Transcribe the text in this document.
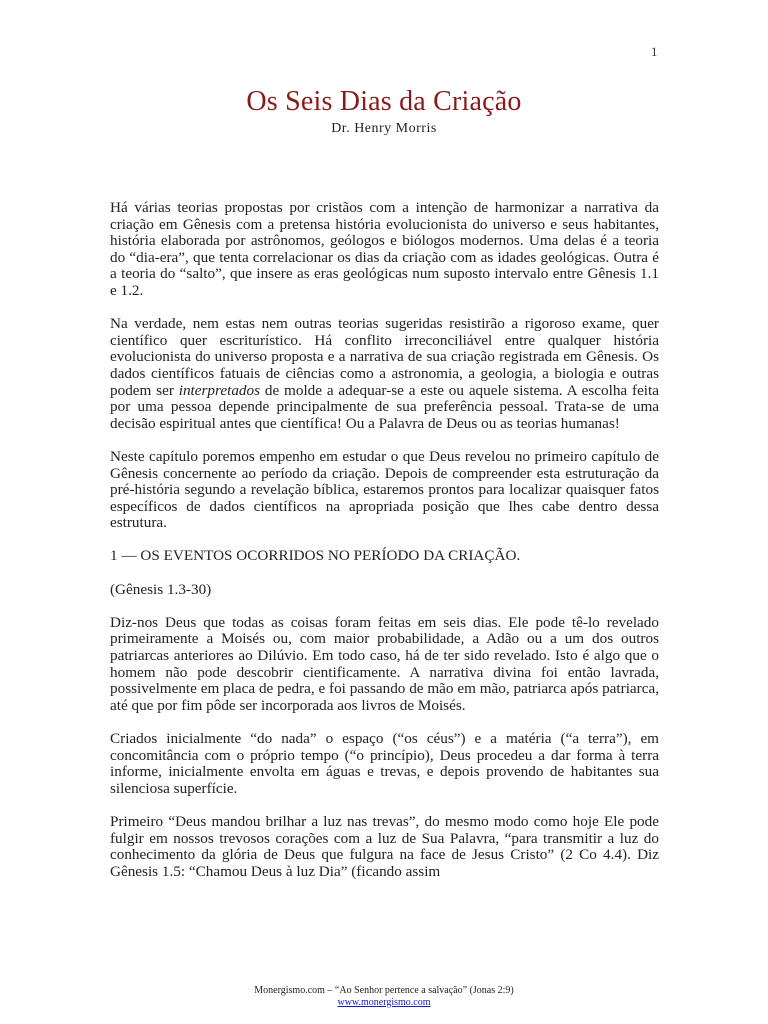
1
Os Seis Dias da Criação
Dr. Henry Morris

Há várias teorias propostas por cristãos com a intenção de harmonizar a narrativa da criação em Gênesis com a pretensa história evolucionista do universo e seus habitantes, história elaborada por astrônomos, geólogos e biólogos modernos. Uma delas é a teoria do “dia-era”, que tenta correlacionar os dias da criação com as idades geológicas. Outra é a teoria do “salto”, que insere as eras geológicas num suposto intervalo entre Gênesis 1.1 e 1.2.

Na verdade, nem estas nem outras teorias sugeridas resistirão a rigoroso exame, quer científico quer escriturístico. Há conflito irreconciliável entre qualquer história evolucionista do universo proposta e a narrativa de sua criação registrada em Gênesis. Os dados científicos fatuais de ciências como a astronomia, a geologia, a biologia e outras podem ser interpretados de molde a adequar-se a este ou aquele sistema. A escolha feita por uma pessoa depende principalmente de sua preferência pessoal. Trata-se de uma decisão espiritual antes que científica! Ou a Palavra de Deus ou as teorias humanas!

Neste capítulo poremos empenho em estudar o que Deus revelou no primeiro capítulo de Gênesis concernente ao período da criação. Depois de compreender esta estruturação da pré-história segundo a revelação bíblica, estaremos prontos para localizar quaisquer fatos específicos de dados científicos na apropriada posição que lhes cabe dentro dessa estrutura.

1 — OS EVENTOS OCORRIDOS NO PERÍODO DA CRIAÇÃO.

(Gênesis 1.3-30)

Diz-nos Deus que todas as coisas foram feitas em seis dias. Ele pode tê-lo revelado primeiramente a Moisés ou, com maior probabilidade, a Adão ou a um dos outros patriarcas anteriores ao Dilúvio. Em todo caso, há de ter sido revelado. Isto é algo que o homem não pode descobrir cientificamente. A narrativa divina foi então lavrada, possivelmente em placa de pedra, e foi passando de mão em mão, patriarca após patriarca, até que por fim pôde ser incorporada aos livros de Moisés.

Criados inicialmente “do nada” o espaço (“os céus”) e a matéria (“a terra”), em concomitância com o próprio tempo (“o princípio), Deus procedeu a dar forma à terra informe, inicialmente envolta em águas e trevas, e depois provendo de habitantes sua silenciosa superfície.

Primeiro “Deus mandou brilhar a luz nas trevas”, do mesmo modo como hoje Ele pode fulgir em nossos trevosos corações com a luz de Sua Palavra, “para transmitir a luz do conhecimento da glória de Deus que fulgura na face de Jesus Cristo” (2 Co 4.4). Diz Gênesis 1.5: “Chamou Deus à luz Dia” (ficando assim

Monergismo.com – “Ao Senhor pertence a salvação” (Jonas 2:9)
www.monergismo.com
